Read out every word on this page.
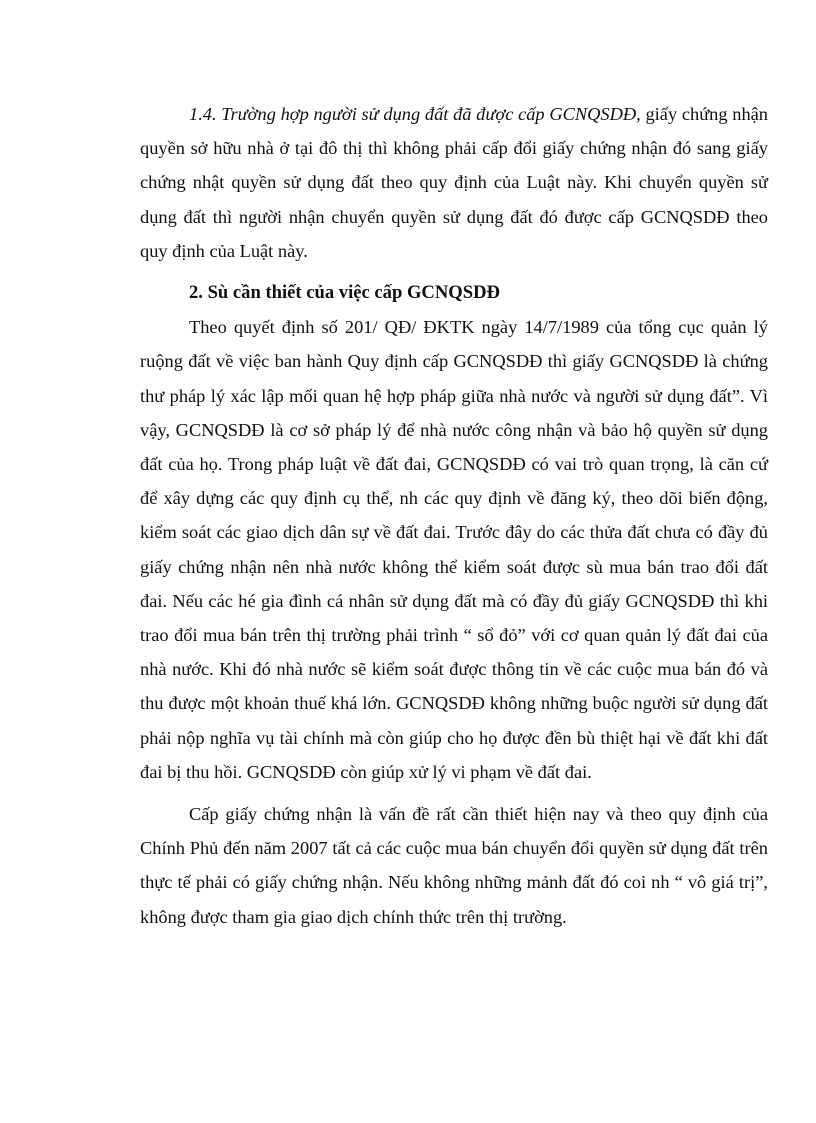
1.4. Trường hợp người sử dụng đất đã được cấp GCNQSDĐ, giấy chứng nhận quyền sở hữu nhà ở tại đô thị thì không phải cấp đổi giấy chứng nhận đó sang giấy chứng nhật quyền sử dụng đất theo quy định của Luật này. Khi chuyển quyền sử dụng đất thì người nhận chuyển quyền sử dụng đất đó được cấp GCNQSDĐ theo quy định của Luật này.

2. Sù cần thiết của việc cấp GCNQSDĐ

Theo quyết định số 201/ QĐ/ ĐKTK ngày 14/7/1989 của tổng cục quản lý ruộng đất về việc ban hành Quy định cấp GCNQSDĐ thì giấy GCNQSDĐ là chứng thư pháp lý xác lập mối quan hệ hợp pháp giữa nhà nước và người sử dụng đất”. Vì vậy, GCNQSDĐ là cơ sở pháp lý để nhà nước công nhận và bảo hộ quyền sử dụng đất của họ. Trong pháp luật về đất đai, GCNQSDĐ có vai trò quan trọng, là căn cứ để xây dựng các quy định cụ thể, nh các quy định về đăng ký, theo dõi biến động, kiểm soát các giao dịch dân sự về đất đai. Trước đây do các thửa đất chưa có đầy đủ giấy chứng nhận nên nhà nước không thể kiểm soát được sù mua bán trao đổi đất đai. Nếu các hé gia đình cá nhân sử dụng đất mà có đầy đủ giấy GCNQSDĐ thì khi trao đổi mua bán trên thị trường phải trình “ sổ đỏ” với cơ quan quản lý đất đai của nhà nước. Khi đó nhà nước sẽ kiểm soát được thông tin về các cuộc mua bán đó và thu được một khoản thuế khá lớn. GCNQSDĐ không những buộc người sử dụng đất phải nộp nghĩa vụ tài chính mà còn giúp cho họ được đền bù thiệt hại về đất khi đất đai bị thu hồi. GCNQSDĐ còn giúp xử lý vi phạm về đất đai.

Cấp giấy chứng nhận là vấn đề rất cần thiết hiện nay và theo quy định của Chính Phủ đến năm 2007 tất cả các cuộc mua bán chuyển đổi quyền sử dụng đất trên thực tế phải có giấy chứng nhận. Nếu không những mảnh đất đó coi nh “ vô giá trị”, không được tham gia giao dịch chính thức trên thị trường.
